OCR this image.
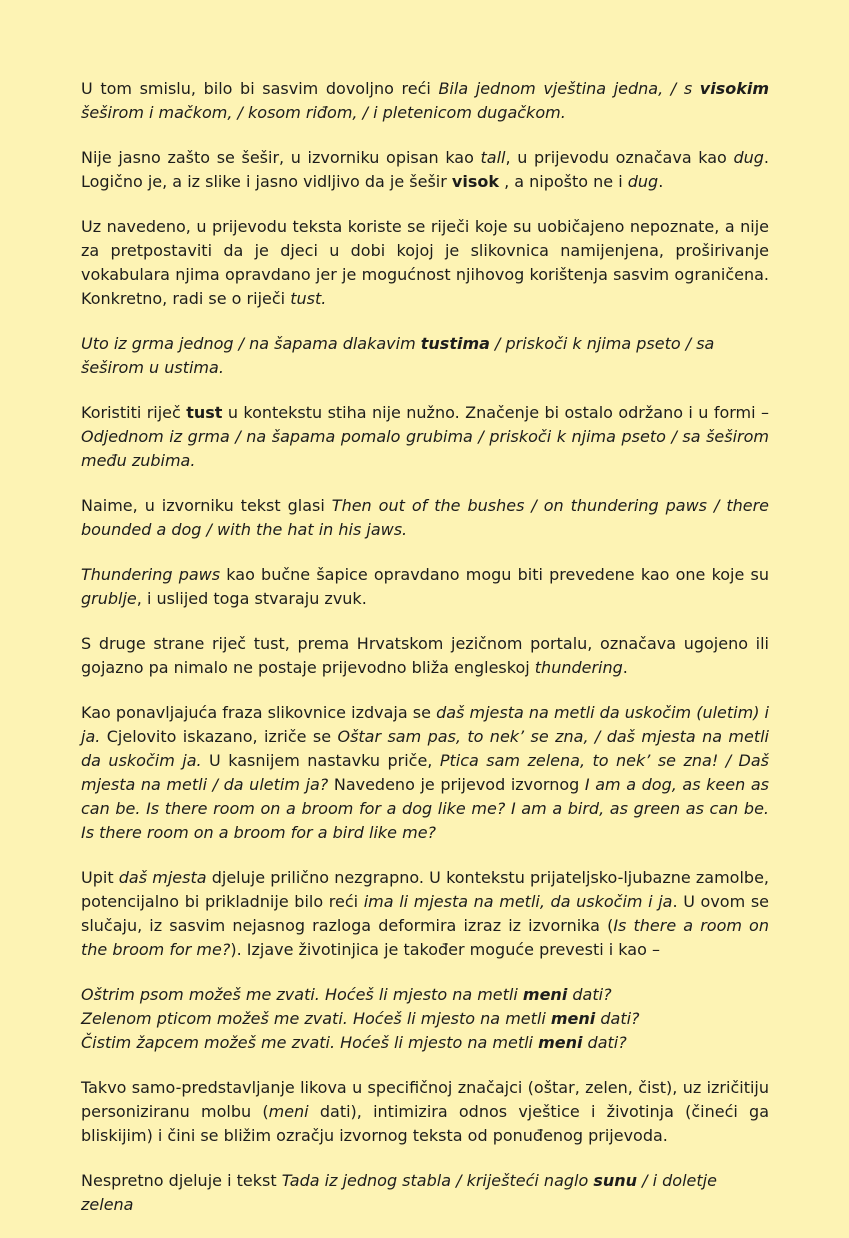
U tom smislu, bilo bi sasvim dovoljno reći Bila jednom vještina jedna, / s visokim šeširom i mačkom, / kosom riđom, / i pletenicom dugačkom.

Nije jasno zašto se šešir, u izvorniku opisan kao tall, u prijevodu označava kao dug. Logično je, a iz slike i jasno vidljivo da je šešir visok , a nipošto ne i dug.

Uz navedeno, u prijevodu teksta koriste se riječi koje su uobičajeno nepoznate, a nije za pretpostaviti da je djeci u dobi kojoj je slikovnica namijenjena, proširivanje vokabulara njima opravdano jer je mogućnost njihovog korištenja sasvim ograničena. Konkretno, radi se o riječi tust.

Uto iz grma jednog / na šapama dlakavim tustima / priskoči k njima pseto / sa šeširom u ustima.

Koristiti riječ tust u kontekstu stiha nije nužno. Značenje bi ostalo održano i u formi – Odjednom iz grma / na šapama pomalo grubima / priskoči k njima pseto / sa šeširom među zubima.

Naime, u izvorniku tekst glasi Then out of the bushes / on thundering paws / there bounded a dog / with the hat in his jaws.

Thundering paws kao bučne šapice opravdano mogu biti prevedene kao one koje su grublje, i uslijed toga stvaraju zvuk.

S druge strane riječ tust, prema Hrvatskom jezičnom portalu, označava ugojeno ili gojazno pa nimalo ne postaje prijevodno bliža engleskoj thundering.

Kao ponavljajuća fraza slikovnice izdvaja se daš mjesta na metli da uskočim (uletim) i ja. Cjelovito iskazano, izriče se Oštar sam pas, to nek’ se zna, / daš mjesta na metli da uskočim ja. U kasnijem nastavku priče, Ptica sam zelena, to nek’ se zna! / Daš mjesta na metli / da uletim ja? Navedeno je prijevod izvornog I am a dog, as keen as can be. Is there room on a broom for a dog like me? I am a bird, as green as can be. Is there room on a broom for a bird like me?

Upit daš mjesta djeluje prilično nezgrapno. U kontekstu prijateljsko-ljubazne zamolbe, potencijalno bi prikladnije bilo reći ima li mjesta na metli, da uskočim i ja. U ovom se slučaju, iz sasvim nejasnog razloga deformira izraz iz izvornika (Is there a room on the broom for me?). Izjave životinjica je također moguće prevesti i kao –

Oštrim psom možeš me zvati. Hoćeš li mjesto na metli meni dati?
Zelenom pticom možeš me zvati. Hoćeš li mjesto na metli meni dati?
Čistim žapcem možeš me zvati. Hoćeš li mjesto na metli meni dati?

Takvo samo-predstavljanje likova u specifičnoj značajci (oštar, zelen, čist), uz izričitiju personiziranu molbu (meni dati), intimizira odnos vještice i životinja (čineći ga bliskijim) i čini se bližim ozračju izvornog teksta od ponuđenog prijevoda.

Nespretno djeluje i tekst Tada iz jednog stabla / kriješteći naglo sunu / i doletje zelena
